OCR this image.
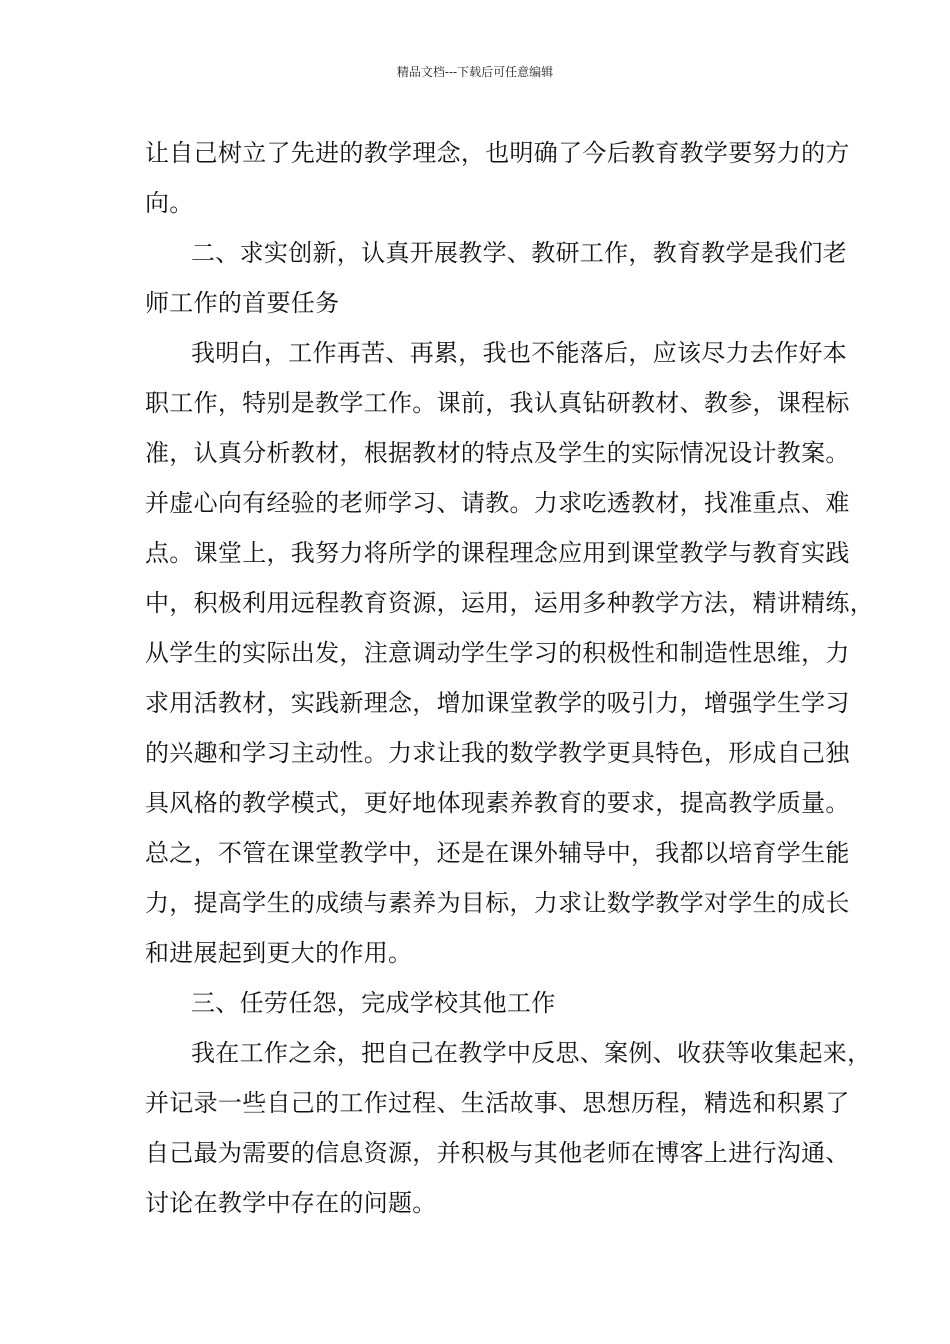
精品文档---下载后可任意编辑
让自己树立了先进的教学理念，也明确了今后教育教学要努力的方
向。
二、求实创新，认真开展教学、教研工作，教育教学是我们老
师工作的首要任务
我明白，工作再苦、再累，我也不能落后，应该尽力去作好本
职工作，特别是教学工作。课前，我认真钻研教材、教参，课程标
准，认真分析教材，根据教材的特点及学生的实际情况设计教案。
并虚心向有经验的老师学习、请教。力求吃透教材，找准重点、难
点。课堂上，我努力将所学的课程理念应用到课堂教学与教育实践
中，积极利用远程教育资源，运用，运用多种教学方法，精讲精练，
从学生的实际出发，注意调动学生学习的积极性和制造性思维，力
求用活教材，实践新理念，增加课堂教学的吸引力，增强学生学习
的兴趣和学习主动性。力求让我的数学教学更具特色，形成自己独
具风格的教学模式，更好地体现素养教育的要求，提高教学质量。
总之，不管在课堂教学中，还是在课外辅导中，我都以培育学生能
力，提高学生的成绩与素养为目标，力求让数学教学对学生的成长
和进展起到更大的作用。
三、任劳任怨，完成学校其他工作
我在工作之余，把自己在教学中反思、案例、收获等收集起来，
并记录一些自己的工作过程、生活故事、思想历程，精选和积累了
自己最为需要的信息资源，并积极与其他老师在博客上进行沟通、
讨论在教学中存在的问题。
